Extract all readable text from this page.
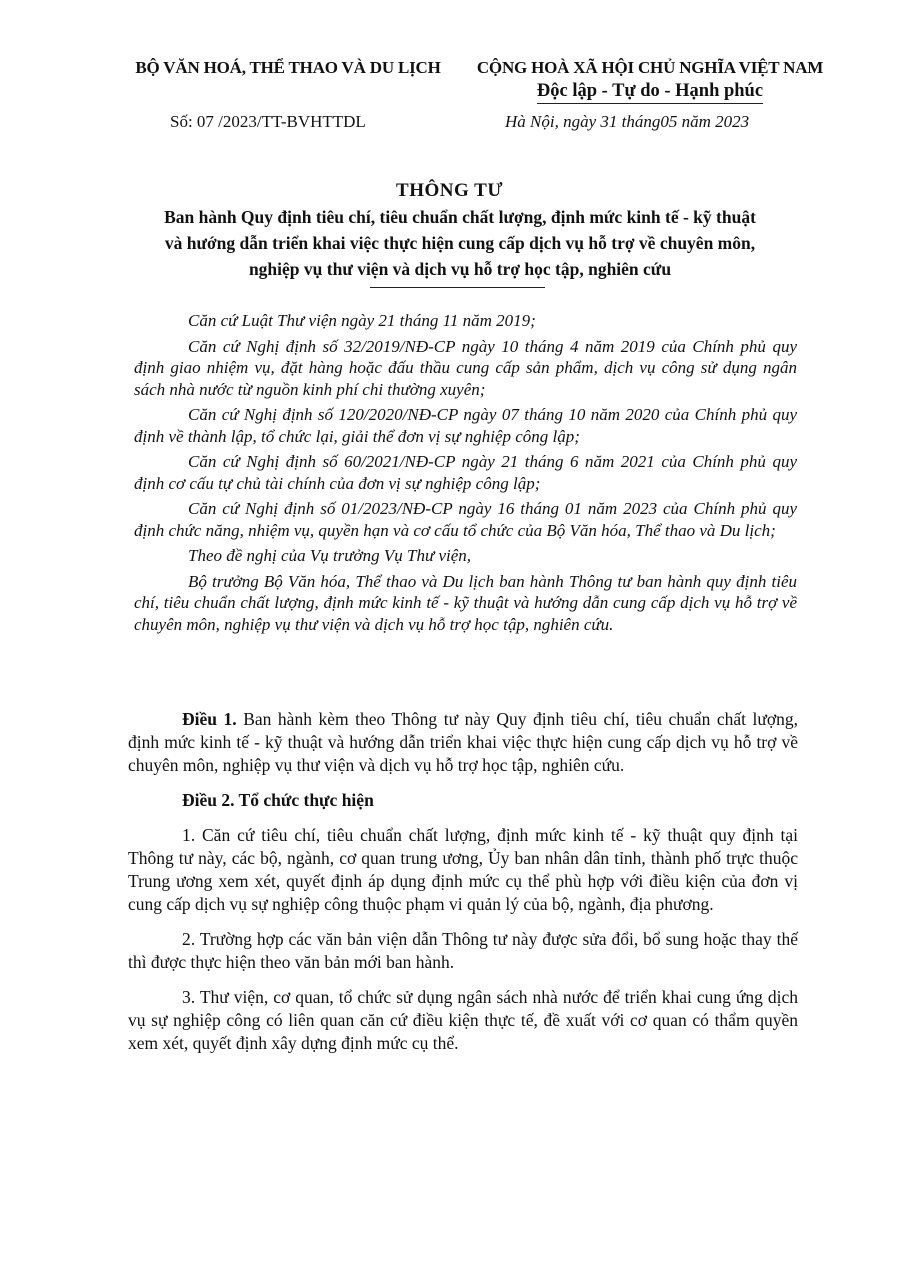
BỘ VĂN HOÁ, THỂ THAO VÀ DU LỊCH	CỘNG HOÀ XÃ HỘI CHỦ NGHĨA VIỆT NAM
Độc lập - Tự do - Hạnh phúc
Số: 07 /2023/TT-BVHTTDL	Hà Nội, ngày 31 tháng05 năm 2023
THÔNG TƯ
Ban hành Quy định tiêu chí, tiêu chuẩn chất lượng, định mức kinh tế - kỹ thuật
và hướng dẫn triển khai việc thực hiện cung cấp dịch vụ hỗ trợ về chuyên môn,
nghiệp vụ thư viện và dịch vụ hỗ trợ học tập, nghiên cứu

Căn cứ Luật Thư viện ngày 21 tháng 11 năm 2019;

Căn cứ Nghị định số 32/2019/NĐ-CP ngày 10 tháng 4 năm 2019 của Chính phủ quy định giao nhiệm vụ, đặt hàng hoặc đấu thầu cung cấp sản phẩm, dịch vụ công sử dụng ngân sách nhà nước từ nguồn kinh phí chi thường xuyên;

Căn cứ Nghị định số 120/2020/NĐ-CP ngày 07 tháng 10 năm 2020 của Chính phủ quy định về thành lập, tổ chức lại, giải thể đơn vị sự nghiệp công lập;

Căn cứ Nghị định số 60/2021/NĐ-CP ngày 21 tháng 6 năm 2021 của Chính phủ quy định cơ cấu tự chủ tài chính của đơn vị sự nghiệp công lập;

Căn cứ Nghị định số 01/2023/NĐ-CP ngày 16 tháng 01 năm 2023 của Chính phủ quy định chức năng, nhiệm vụ, quyền hạn và cơ cấu tổ chức của Bộ Văn hóa, Thể thao và Du lịch;

Theo đề nghị của Vụ trưởng Vụ Thư viện,

Bộ trưởng Bộ Văn hóa, Thể thao và Du lịch ban hành Thông tư ban hành quy định tiêu chí, tiêu chuẩn chất lượng, định mức kinh tế - kỹ thuật và hướng dẫn cung cấp dịch vụ hỗ trợ về chuyên môn, nghiệp vụ thư viện và dịch vụ hỗ trợ học tập, nghiên cứu.

Điều 1. Ban hành kèm theo Thông tư này Quy định tiêu chí, tiêu chuẩn chất lượng, định mức kinh tế - kỹ thuật và hướng dẫn triển khai việc thực hiện cung cấp dịch vụ hỗ trợ về chuyên môn, nghiệp vụ thư viện và dịch vụ hỗ trợ học tập, nghiên cứu.

Điều 2. Tổ chức thực hiện

1. Căn cứ tiêu chí, tiêu chuẩn chất lượng, định mức kinh tế - kỹ thuật quy định tại Thông tư này, các bộ, ngành, cơ quan trung ương, Ủy ban nhân dân tỉnh, thành phố trực thuộc Trung ương xem xét, quyết định áp dụng định mức cụ thể phù hợp với điều kiện của đơn vị cung cấp dịch vụ sự nghiệp công thuộc phạm vi quản lý của bộ, ngành, địa phương.

2. Trường hợp các văn bản viện dẫn Thông tư này được sửa đổi, bổ sung hoặc thay thế thì được thực hiện theo văn bản mới ban hành.

3. Thư viện, cơ quan, tổ chức sử dụng ngân sách nhà nước để triển khai cung ứng dịch vụ sự nghiệp công có liên quan căn cứ điều kiện thực tế, đề xuất với cơ quan có thẩm quyền xem xét, quyết định xây dựng định mức cụ thể.
